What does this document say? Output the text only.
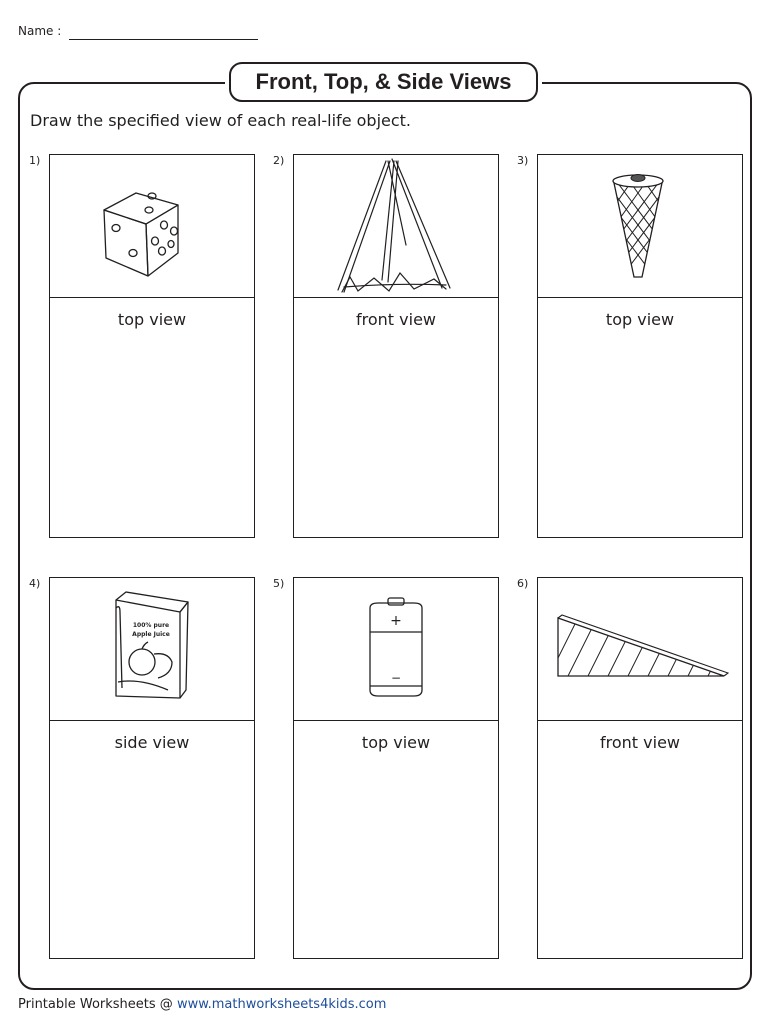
Name :
Front, Top, & Side Views
Draw the specified view of each real-life object.
top view
1)
front view
2)
top view
3)
100% pure
Apple Juice
side view
4)
+
−
top view
5)
front view
6)
Printable Worksheets @ www.mathworksheets4kids.com
